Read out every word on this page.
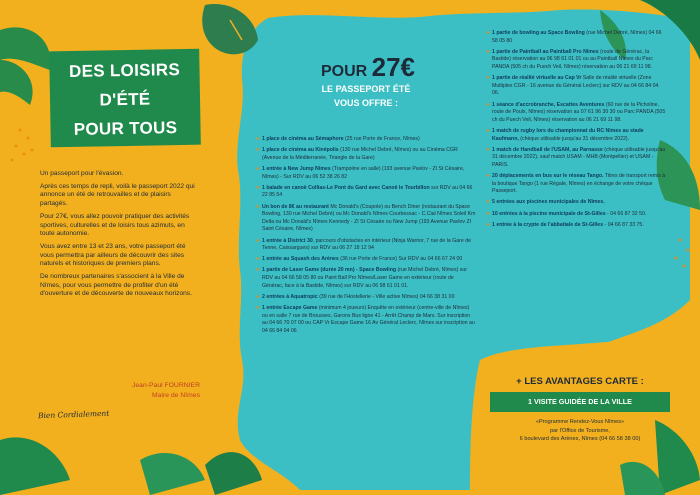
DES LOISIRS
D'ÉTÉ
POUR TOUS

Un passeport pour l'évasion.

Après ces temps de repli, voilà le passeport 2022 qui annonce un été de retrouvailles et de plaisirs partagés.

Pour 27€, vous allez pouvoir pratiquer des activités sportives, culturelles et de loisirs tous azimuts, en toute autonomie.

Vous avez entre 13 et 23 ans, votre passeport été vous permettra par ailleurs de découvrir des sites naturels et historiques de premiers plans.

De nombreux partenaires s'associent à la Ville de Nîmes, pour vous permettre de profiter d'un été d'ouverture et de découverte de nouveaux horizons.

Jean-Paul FOURNIER
Maire de Nîmes
Bien Cordialement
POUR 27€
LE PASSEPORT ÉTÉ
VOUS OFFRE :
● 1 place de cinéma au Sémaphore (25 rue Porte de France, Nîmes)
● 1 place de cinéma au Kinépolis (130 rue Michel Debré, Nîmes) ou au Cinéma CGR (Avenue de la Méditerranée, Triangle de la Gare)
● 1 entrée à New Jump Nîmes (Trampoline en salle) (193 avenue Pavlov - ZI St Césaire, Nîmes) - Sur RDV au 06 52 38 26 82
● 1 balade en canoë Collias-Le Pont du Gard avec Canoë le Tourbillon sur RDV au 04 66 22 85 54
● Un bon de 8€ au restaurant Mc Donald's (Coupole) ou Bench Diner (restaurant du Space Bowling, 130 rue Michel Debré) ou Mc Donald's Nîmes Courbessac - C.Cial Nîmes Soleil Km Delta ou Mc Donald's Nîmes Kennedy - ZI St Césaire ou New Jump (193 Avenue Pavlov ZI Saint Césaire, Nîmes)
● 1 entrée à District 30, parcours d'obstacles en intérieur (Ninja Warrior, 7 rue de la Gare de Tenne, Caissargues) sur RDV au 06 27 18 12 94
● 1 entrée au Squash des Arènes (36 rue Porte de France) Sur RDV au 04 66 67 24 00
● 1 partie de Laser Game (durée 20 mn) - Space Bowling (rue Michel Debré, Nîmes) sur RDV au 04 66 58 05 80 ou Paint Ball Pro Nîmes/Laser Game en extérieur (route de Générac, face à la Bastide, Nîmes) sur RDV au 06 98 61 01 01.
● 2 entrées à Aquatropic (39 rue de l'Hostellerie - Ville active Nîmes) 04 66 38 31 00
● 1 entrée Escape Game (minimum 4 joueurs) Enquête en extérieur (centre-ville de Nîmes) ou en salle 7 rue de Brousses, Garons Bus ligne 41 - Arrêt Champ de Mars. Sur inscription au 04 66 70 07 00 ou CAP Vr Escape Game 16 Av Général Leclerc, Nîmes sur inscription au 04 66 84 04 06
● 1 partie de bowling au Space Bowling (rue Michel Debré, Nîmes) 04 66 58 05 80
● 1 partie de Paintball au Paintball Pro Nîmes (route de Générac, la Bastide) réservation au 06 98 61 01 01 ou au Paintball Nîmes du Parc PANDA (505 ch du Puech Veil, Nîmes) réservation au 06 21 69 11 98.
● 1 partie de réalité virtuelle au Cap Vr Salle de réalité virtuelle (Zone Multiplex CGR - 16 avenue du Général Leclerc) sur RDV au 04 66 84 04 06.
● 1 séance d'accrobranche, Escattes Aventures (60 rue de la Picholine, route de Poulx, Nîmes) réservation au 07 61 96 30 30 ou Parc PANDA (505 ch du Puech Veil, Nîmes) réservation au 06 21 69 11 98.
● 1 match de rugby lors du championnat du RC Nîmes au stade Kaufmann, (chèque utilisable jusqu'au 31 décembre 2022).
● 1 match de Handball de l'USAM, au Parnasse (chèque utilisable jusqu'au 31 décembre 2022), sauf match USAM - MHB (Montpellier) et USAM - PARIS.
● 20 déplacements en bus sur le réseau Tango. Titres de transport remis à la boutique Tango (1 rue Régale, Nîmes) en échange de votre chèque Passeport.
● 5 entrées aux piscines municipales de Nîmes.
● 10 entrées à la piscine municipale de St-Gilles - 04 66 87 32 50.
● 1 entrée à la crypte de l'abbatiale de St-Gilles - 04 66 87 33 75.
+ LES AVANTAGES CARTE :
1 VISITE GUIDÉE DE LA VILLE
«Programme Rendez-Vous Nîmes»
par l'Office de Tourisme,
6 boulevard des Arènes, Nîmes (04 66 58 38 00)
